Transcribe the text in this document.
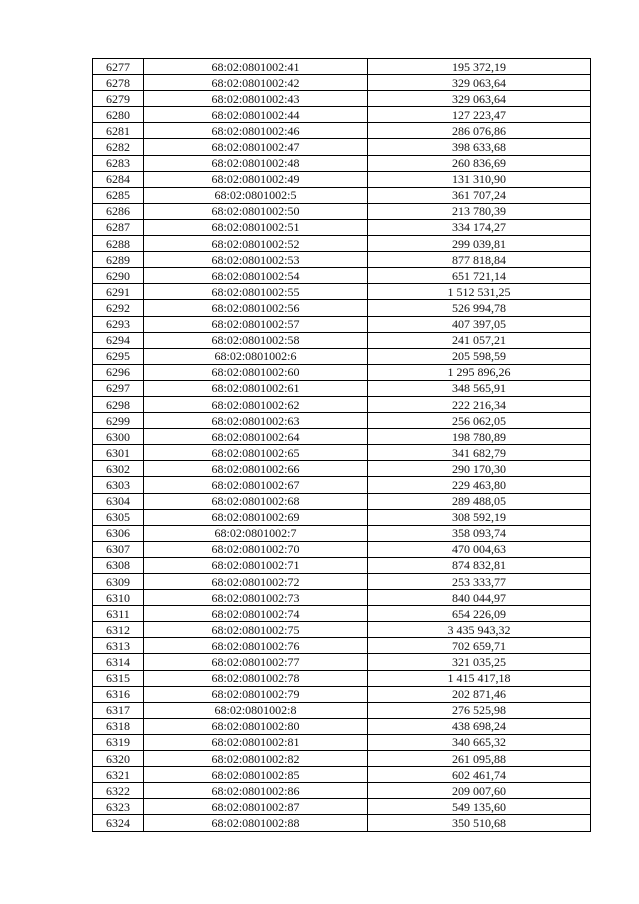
6277	68:02:0801002:41	195 372,19
6278	68:02:0801002:42	329 063,64
6279	68:02:0801002:43	329 063,64
6280	68:02:0801002:44	127 223,47
6281	68:02:0801002:46	286 076,86
6282	68:02:0801002:47	398 633,68
6283	68:02:0801002:48	260 836,69
6284	68:02:0801002:49	131 310,90
6285	68:02:0801002:5	361 707,24
6286	68:02:0801002:50	213 780,39
6287	68:02:0801002:51	334 174,27
6288	68:02:0801002:52	299 039,81
6289	68:02:0801002:53	877 818,84
6290	68:02:0801002:54	651 721,14
6291	68:02:0801002:55	1 512 531,25
6292	68:02:0801002:56	526 994,78
6293	68:02:0801002:57	407 397,05
6294	68:02:0801002:58	241 057,21
6295	68:02:0801002:6	205 598,59
6296	68:02:0801002:60	1 295 896,26
6297	68:02:0801002:61	348 565,91
6298	68:02:0801002:62	222 216,34
6299	68:02:0801002:63	256 062,05
6300	68:02:0801002:64	198 780,89
6301	68:02:0801002:65	341 682,79
6302	68:02:0801002:66	290 170,30
6303	68:02:0801002:67	229 463,80
6304	68:02:0801002:68	289 488,05
6305	68:02:0801002:69	308 592,19
6306	68:02:0801002:7	358 093,74
6307	68:02:0801002:70	470 004,63
6308	68:02:0801002:71	874 832,81
6309	68:02:0801002:72	253 333,77
6310	68:02:0801002:73	840 044,97
6311	68:02:0801002:74	654 226,09
6312	68:02:0801002:75	3 435 943,32
6313	68:02:0801002:76	702 659,71
6314	68:02:0801002:77	321 035,25
6315	68:02:0801002:78	1 415 417,18
6316	68:02:0801002:79	202 871,46
6317	68:02:0801002:8	276 525,98
6318	68:02:0801002:80	438 698,24
6319	68:02:0801002:81	340 665,32
6320	68:02:0801002:82	261 095,88
6321	68:02:0801002:85	602 461,74
6322	68:02:0801002:86	209 007,60
6323	68:02:0801002:87	549 135,60
6324	68:02:0801002:88	350 510,68
